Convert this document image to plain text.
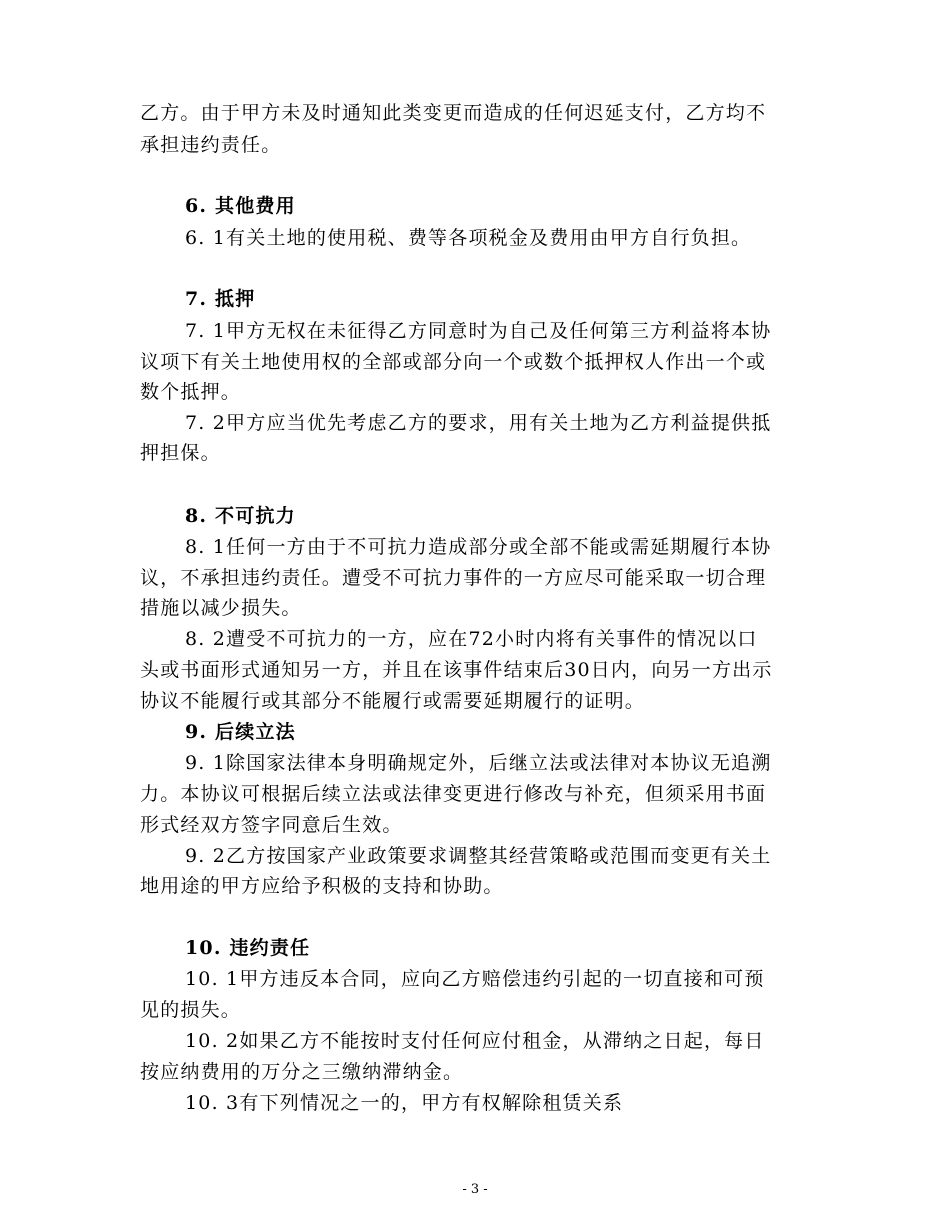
乙方。由于甲方未及时通知此类变更而造成的任何迟延支付，乙方均不
承担违约责任。
6. 其他费用
6. 1有关土地的使用税、费等各项税金及费用由甲方自行负担。
7. 抵押
7. 1甲方无权在未征得乙方同意时为自己及任何第三方利益将本协
议项下有关土地使用权的全部或部分向一个或数个抵押权人作出一个或
数个抵押。
7. 2甲方应当优先考虑乙方的要求，用有关土地为乙方利益提供抵
押担保。
8. 不可抗力
8. 1任何一方由于不可抗力造成部分或全部不能或需延期履行本协
议，不承担违约责任。遭受不可抗力事件的一方应尽可能采取一切合理
措施以减少损失。
8. 2遭受不可抗力的一方，应在72小时内将有关事件的情况以口
头或书面形式通知另一方，并且在该事件结束后30日内，向另一方出示
协议不能履行或其部分不能履行或需要延期履行的证明。
9. 后续立法
9. 1除国家法律本身明确规定外，后继立法或法律对本协议无追溯
力。本协议可根据后续立法或法律变更进行修改与补充，但须采用书面
形式经双方签字同意后生效。
9. 2乙方按国家产业政策要求调整其经营策略或范围而变更有关土
地用途的甲方应给予积极的支持和协助。
10. 违约责任
10. 1甲方违反本合同，应向乙方赔偿违约引起的一切直接和可预
见的损失。
10. 2如果乙方不能按时支付任何应付租金，从滞纳之日起，每日
按应纳费用的万分之三缴纳滞纳金。
10. 3有下列情况之一的，甲方有权解除租赁关系
- 3 -
